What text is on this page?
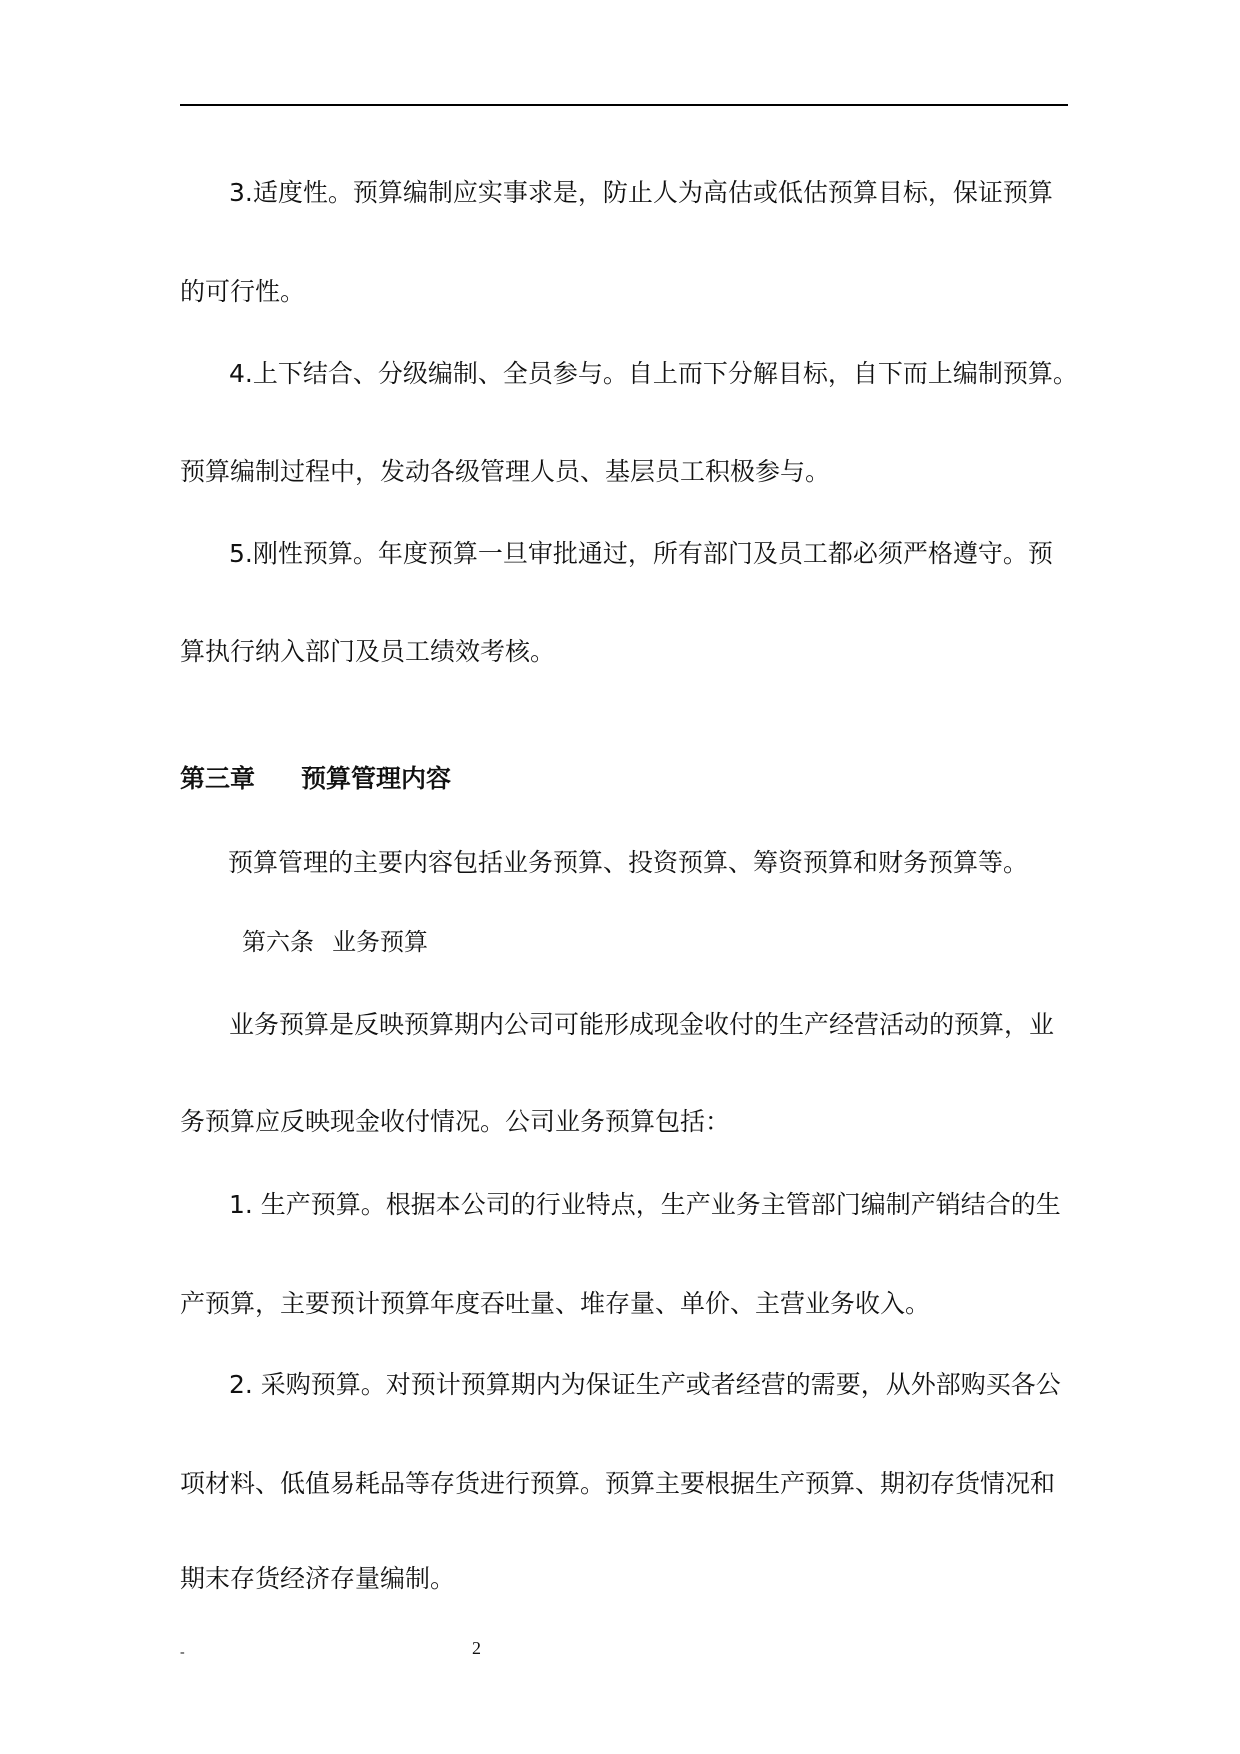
3.适度性。预算编制应实事求是，防止人为高估或低估预算目标，保证预算
的可行性。
4.上下结合、分级编制、全员参与。自上而下分解目标，自下而上编制预算。
预算编制过程中，发动各级管理人员、基层员工积极参与。
5.刚性预算。年度预算一旦审批通过，所有部门及员工都必须严格遵守。预
算执行纳入部门及员工绩效考核。
第三章 预算管理内容
预算管理的主要内容包括业务预算、投资预算、筹资预算和财务预算等。
第六条 业务预算
业务预算是反映预算期内公司可能形成现金收付的生产经营活动的预算，业
务预算应反映现金收付情况。公司业务预算包括：
1. 生产预算。根据本公司的行业特点，生产业务主管部门编制产销结合的生
产预算，主要预计预算年度吞吐量、堆存量、单价、主营业务收入。
2. 采购预算。对预计预算期内为保证生产或者经营的需要，从外部购买各公
项材料、低值易耗品等存货进行预算。预算主要根据生产预算、期初存货情况和
期末存货经济存量编制。
-	2
